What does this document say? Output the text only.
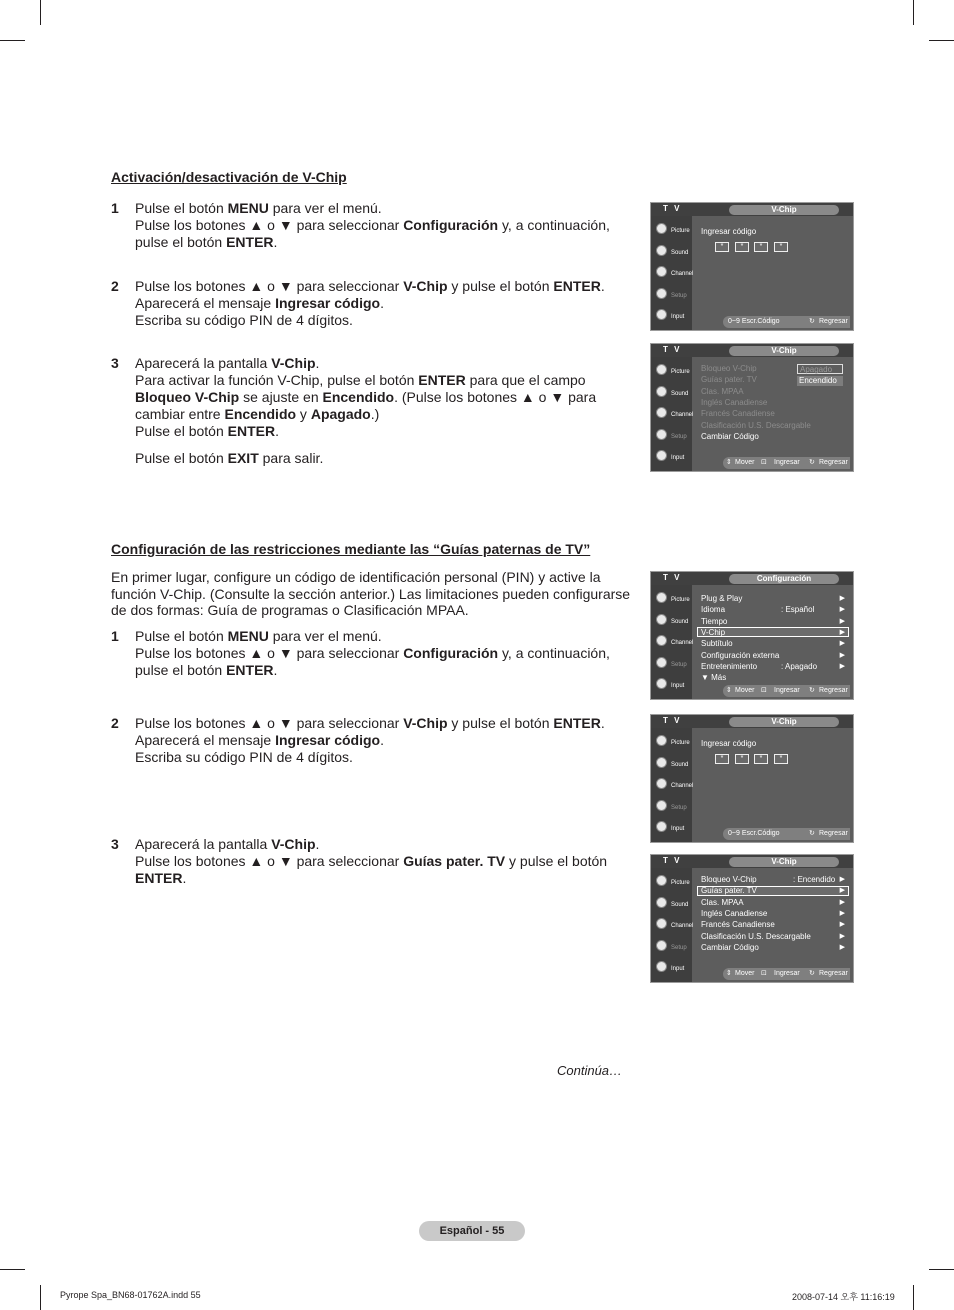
Activación/desactivación de V-Chip
1 Pulse el botón MENU para ver el menú.
Pulse los botones ▲ o ▼ para seleccionar Configuración y, a continuación,
pulse el botón ENTER.
2 Pulse los botones ▲ o ▼ para seleccionar V-Chip y pulse el botón ENTER.
Aparecerá el mensaje Ingresar código.
Escriba su código PIN de 4 dígitos.
3 Aparecerá la pantalla V-Chip.
Para activar la función V-Chip, pulse el botón ENTER para que el campo
Bloqueo V-Chip se ajuste en Encendido. (Pulse los botones ▲ o ▼ para
cambiar entre Encendido y Apagado.)
Pulse el botón ENTER.
Pulse el botón EXIT para salir.
Configuración de las restricciones mediante las “Guías paternas de TV”
En primer lugar, configure un código de identificación personal (PIN) y active la
función V-Chip. (Consulte la sección anterior.) Las limitaciones pueden configurarse
de dos formas: Guía de programas o Clasificación MPAA.
1 Pulse el botón MENU para ver el menú.
Pulse los botones ▲ o ▼ para seleccionar Configuración y, a continuación,
pulse el botón ENTER.
2 Pulse los botones ▲ o ▼ para seleccionar V-Chip y pulse el botón ENTER.
Aparecerá el mensaje Ingresar código.
Escriba su código PIN de 4 dígitos.
3 Aparecerá la pantalla V-Chip.
Pulse los botones ▲ o ▼ para seleccionar Guías pater. TV y pulse el botón
ENTER.
T V	V-Chip
Picture
Sound
Channel
Setup
Input
Ingresar código
*	*	*	*
0~9 Escr.Código	↻ Regresar
T V	V-Chip
Picture
Sound
Channel
Setup
Input
Bloqueo V-Chip
Guías pater. TV
Clas. MPAA
Inglés Canadiense
Francés Canadiense
Clasificación U.S. Descargable
Cambiar Código
Apagado
Encendido
⇕ Mover ⊡ Ingresar ↻ Regresar
T V	Configuración
Picture
Sound
Channel
Setup
Input
⇕ Mover ⊡ Ingresar ↻ Regresar
Plug & Play	▶
Idioma	: Español	▶
Tiempo	▶
V-Chip	▶
Subtítulo	▶
Configuración externa	▶
Entretenimiento	: Apagado	▶
▼ Más
T V	V-Chip
Picture
Sound
Channel
Setup
Input
Ingresar código
*	*	*	*
0~9 Escr.Código	↻ Regresar
T V	V-Chip
Picture
Sound
Channel
Setup
Input
⇕ Mover ⊡ Ingresar ↻ Regresar
Bloqueo V-Chip	: Encendido ▶
Guías pater. TV	▶
Clas. MPAA	▶
Inglés Canadiense	▶
Francés Canadiense	▶
Clasificación U.S. Descargable	▶
Cambiar Código	▶
Continúa…
Español - 55
Pyrope Spa_BN68-01762A.indd 55	2008-07-14 오후 11:16:19
